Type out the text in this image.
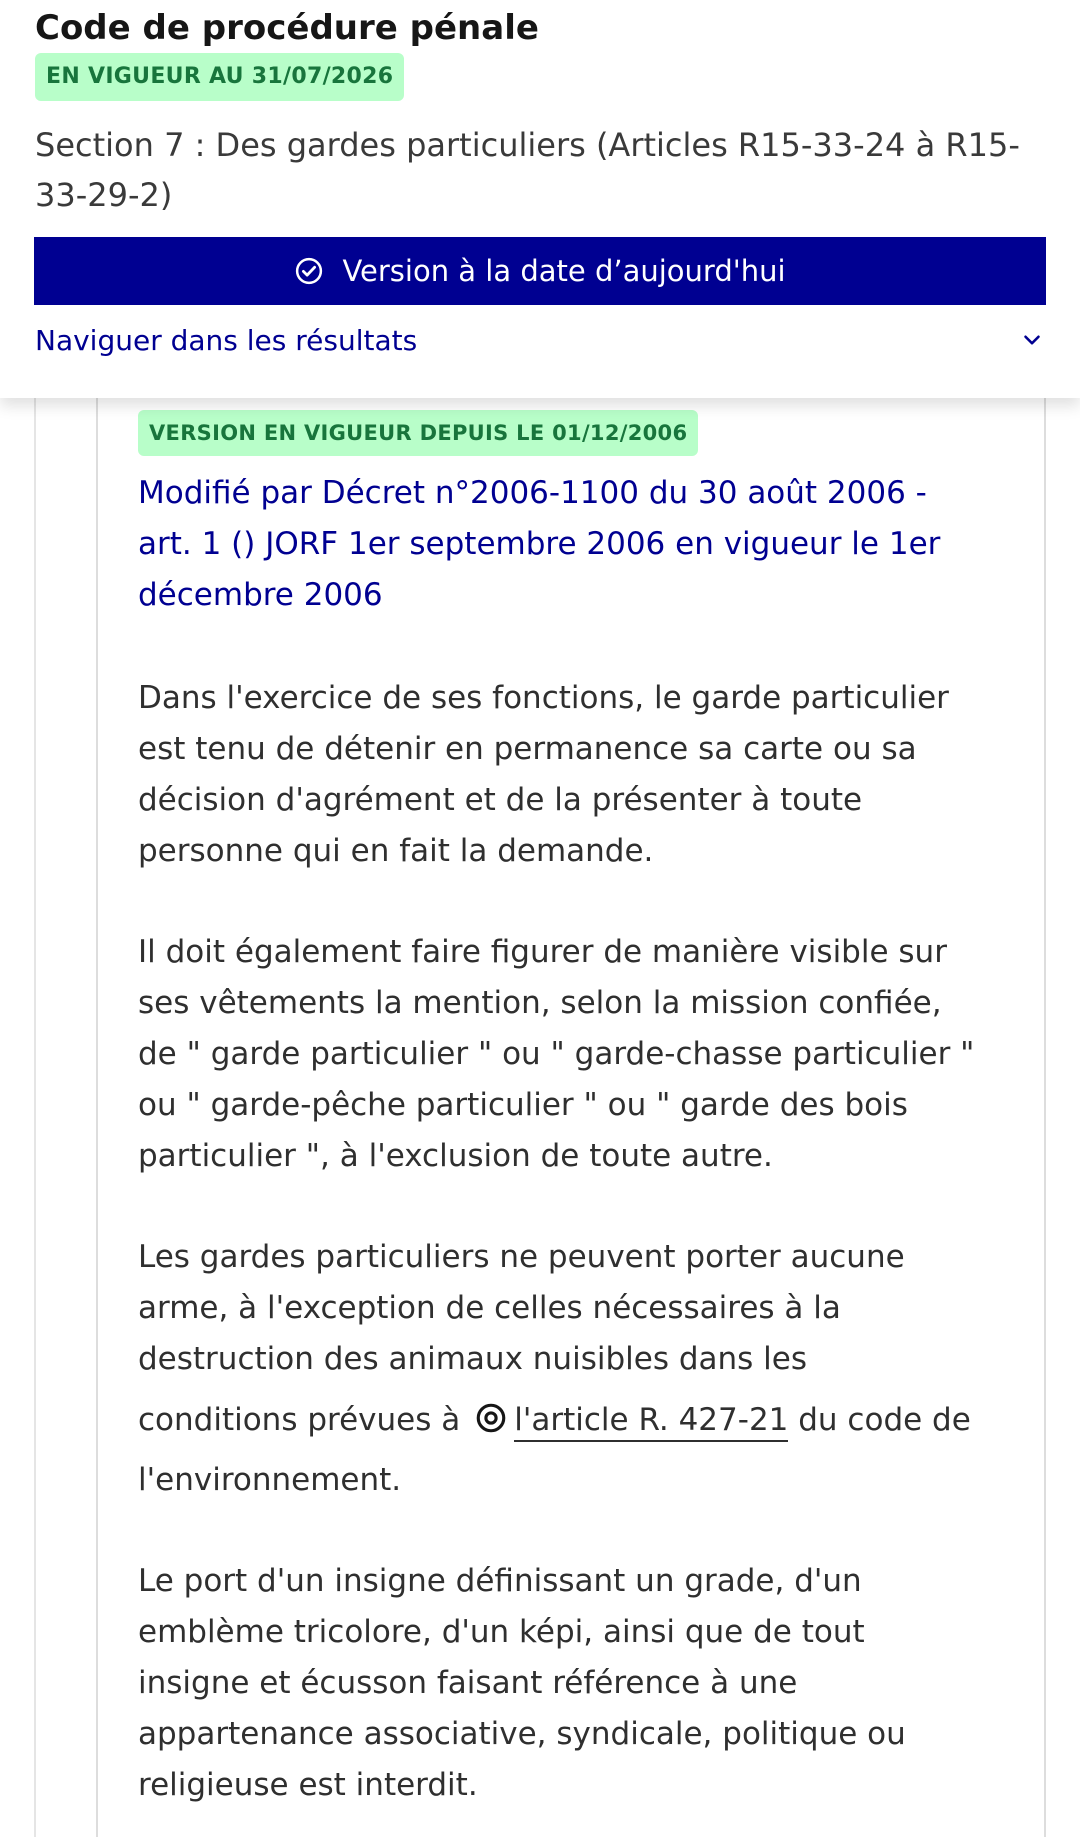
VERSION EN VIGUEUR DEPUIS LE 01/12/2006
Modifié par Décret n°2006-1100 du 30 août 2006 - art. 1 () JORF 1er septembre 2006 en vigueur le 1er décembre 2006

Dans l'exercice de ses fonctions, le garde particulier
est tenu de détenir en permanence sa carte ou sa
décision d'agrément et de la présenter à toute
personne qui en fait la demande.

Il doit également faire figurer de manière visible sur
ses vêtements la mention, selon la mission confiée,
de " garde particulier " ou " garde-chasse particulier "
ou " garde-pêche particulier " ou " garde des bois
particulier ", à l'exclusion de toute autre.

Les gardes particuliers ne peuvent porter aucune
arme, à l'exception de celles nécessaires à la
destruction des animaux nuisibles dans les
conditions prévues à l'article R. 427-21 du code de
l'environnement.

Le port d'un insigne définissant un grade, d'un
emblème tricolore, d'un képi, ainsi que de tout
insigne et écusson faisant référence à une
appartenance associative, syndicale, politique ou
religieuse est interdit.

Code de procédure pénale
EN VIGUEUR AU 31/07/2026
Section 7 : Des gardes particuliers (Articles R15-33-24 à R15-33-29-2)
Version à la date d’aujourd'hui
Naviguer dans les résultats
